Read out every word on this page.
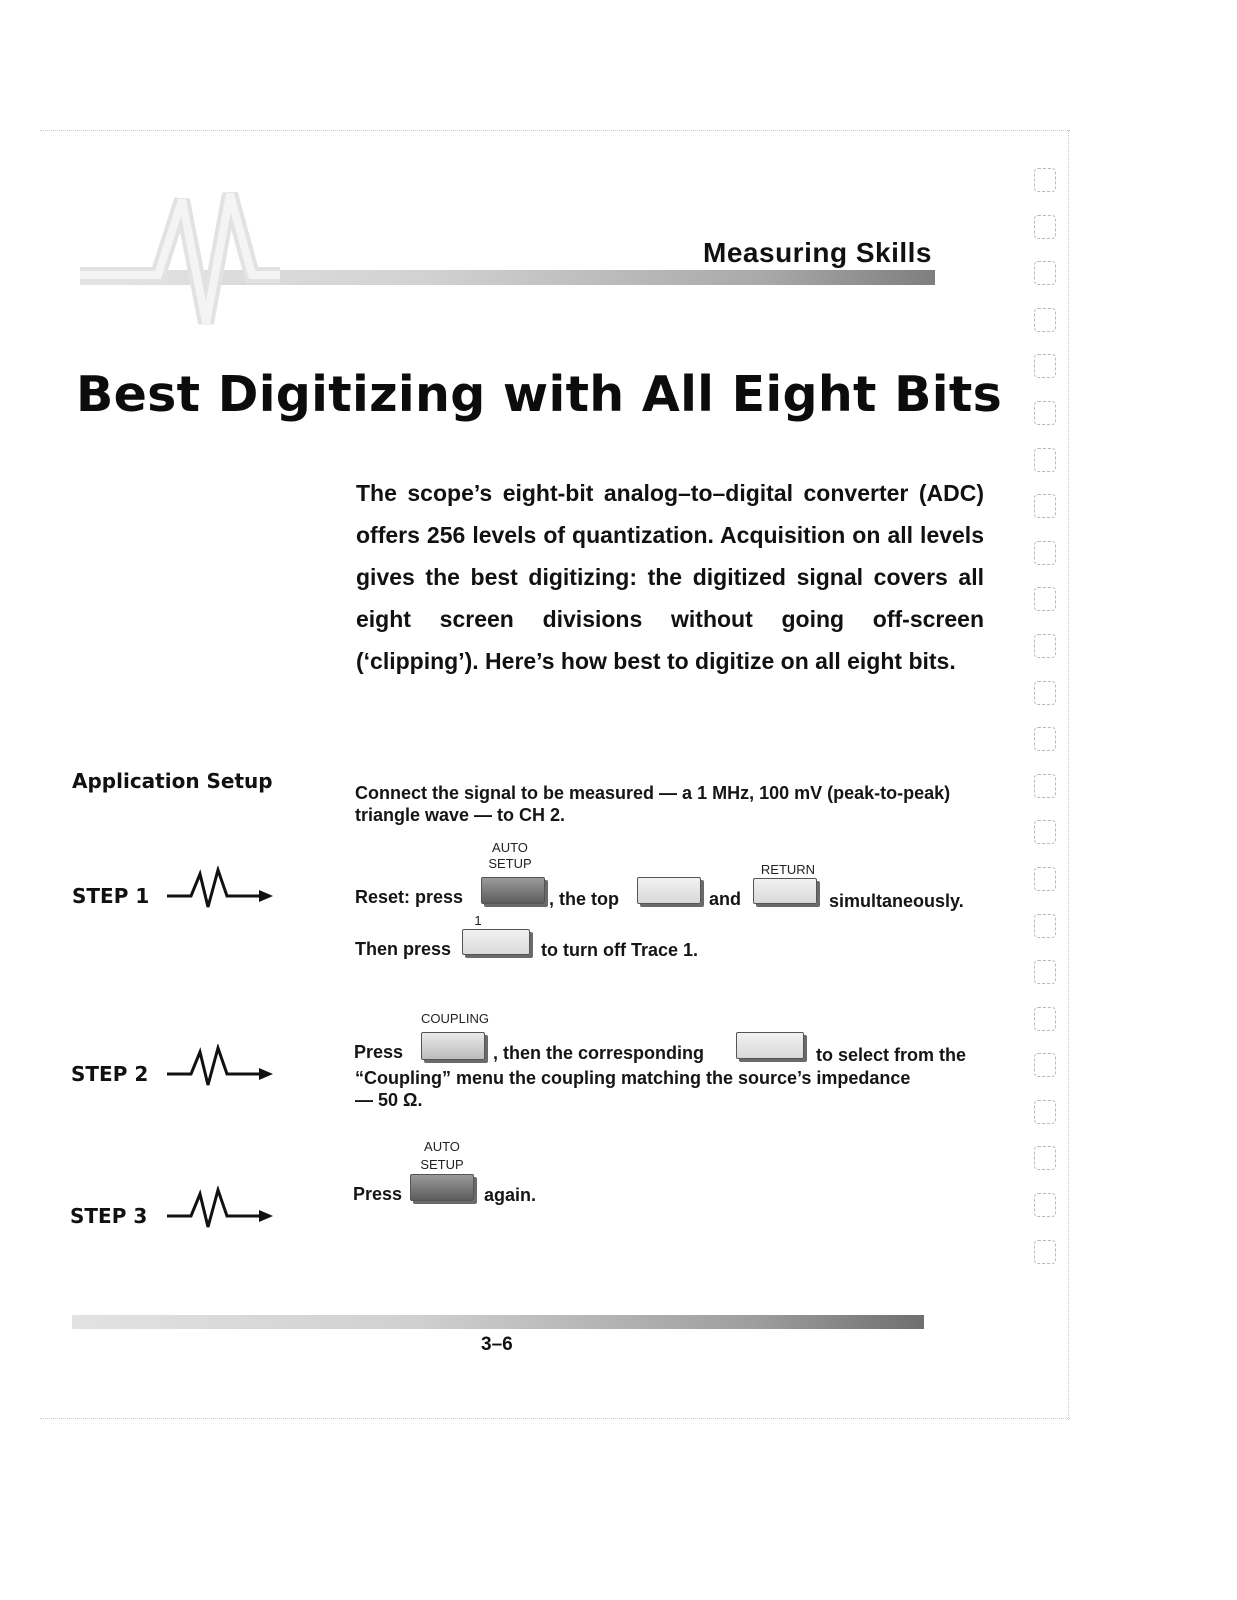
Measuring Skills
Best Digitizing with All Eight Bits

The scope’s eight-bit analog–to–digital converter (ADC) offers 256 levels of quantization. Acquisition on all levels gives the best digitizing: the digitized signal covers all eight screen divisions without going off-screen (‘clipping’). Here’s how best to digitize on all eight bits.

Application Setup	Connect the signal to be measured — a 1 MHz, 100 mV (peak-to-peak) triangle wave — to CH 2.
STEP 1
AUTO
SETUP	RETURN
Reset: press	, the top	and	simultaneously.
1
Then press	to turn off Trace 1.
STEP 2
COUPLING
Press	, then the corresponding	to select from the
“Coupling” menu the coupling matching the source’s impedance
— 50 Ω.
STEP 3
AUTO
SETUP
Press	again.
3–6
